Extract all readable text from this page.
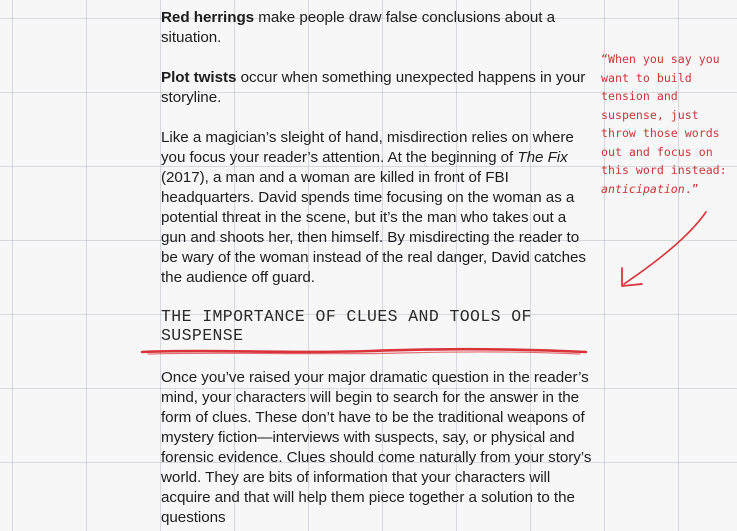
Red herrings make people draw false conclusions about a situation.

Plot twists occur when something unexpected happens in your storyline.

Like a magician’s sleight of hand, misdirection relies on where you focus your reader’s attention. At the beginning of The Fix (2017), a man and a woman are killed in front of FBI headquarters. David spends time focusing on the woman as a potential threat in the scene, but it’s the man who takes out a gun and shoots her, then himself. By misdirecting the reader to be wary of the woman instead of the real danger, David catches the audience off guard.

THE IMPORTANCE OF CLUES AND TOOLS OF SUSPENSE

Once you’ve raised your major dramatic question in the reader’s mind, your characters will begin to search for the answer in the form of clues. These don’t have to be the traditional weapons of mystery fiction—interviews with suspects, say, or physical and forensic evidence. Clues should come naturally from your story’s world. They are bits of information that your characters will acquire and that will help them piece together a solution to the questions

“When you say you want to build tension and suspense, just throw those words out and focus on this word instead: anticipation.”
